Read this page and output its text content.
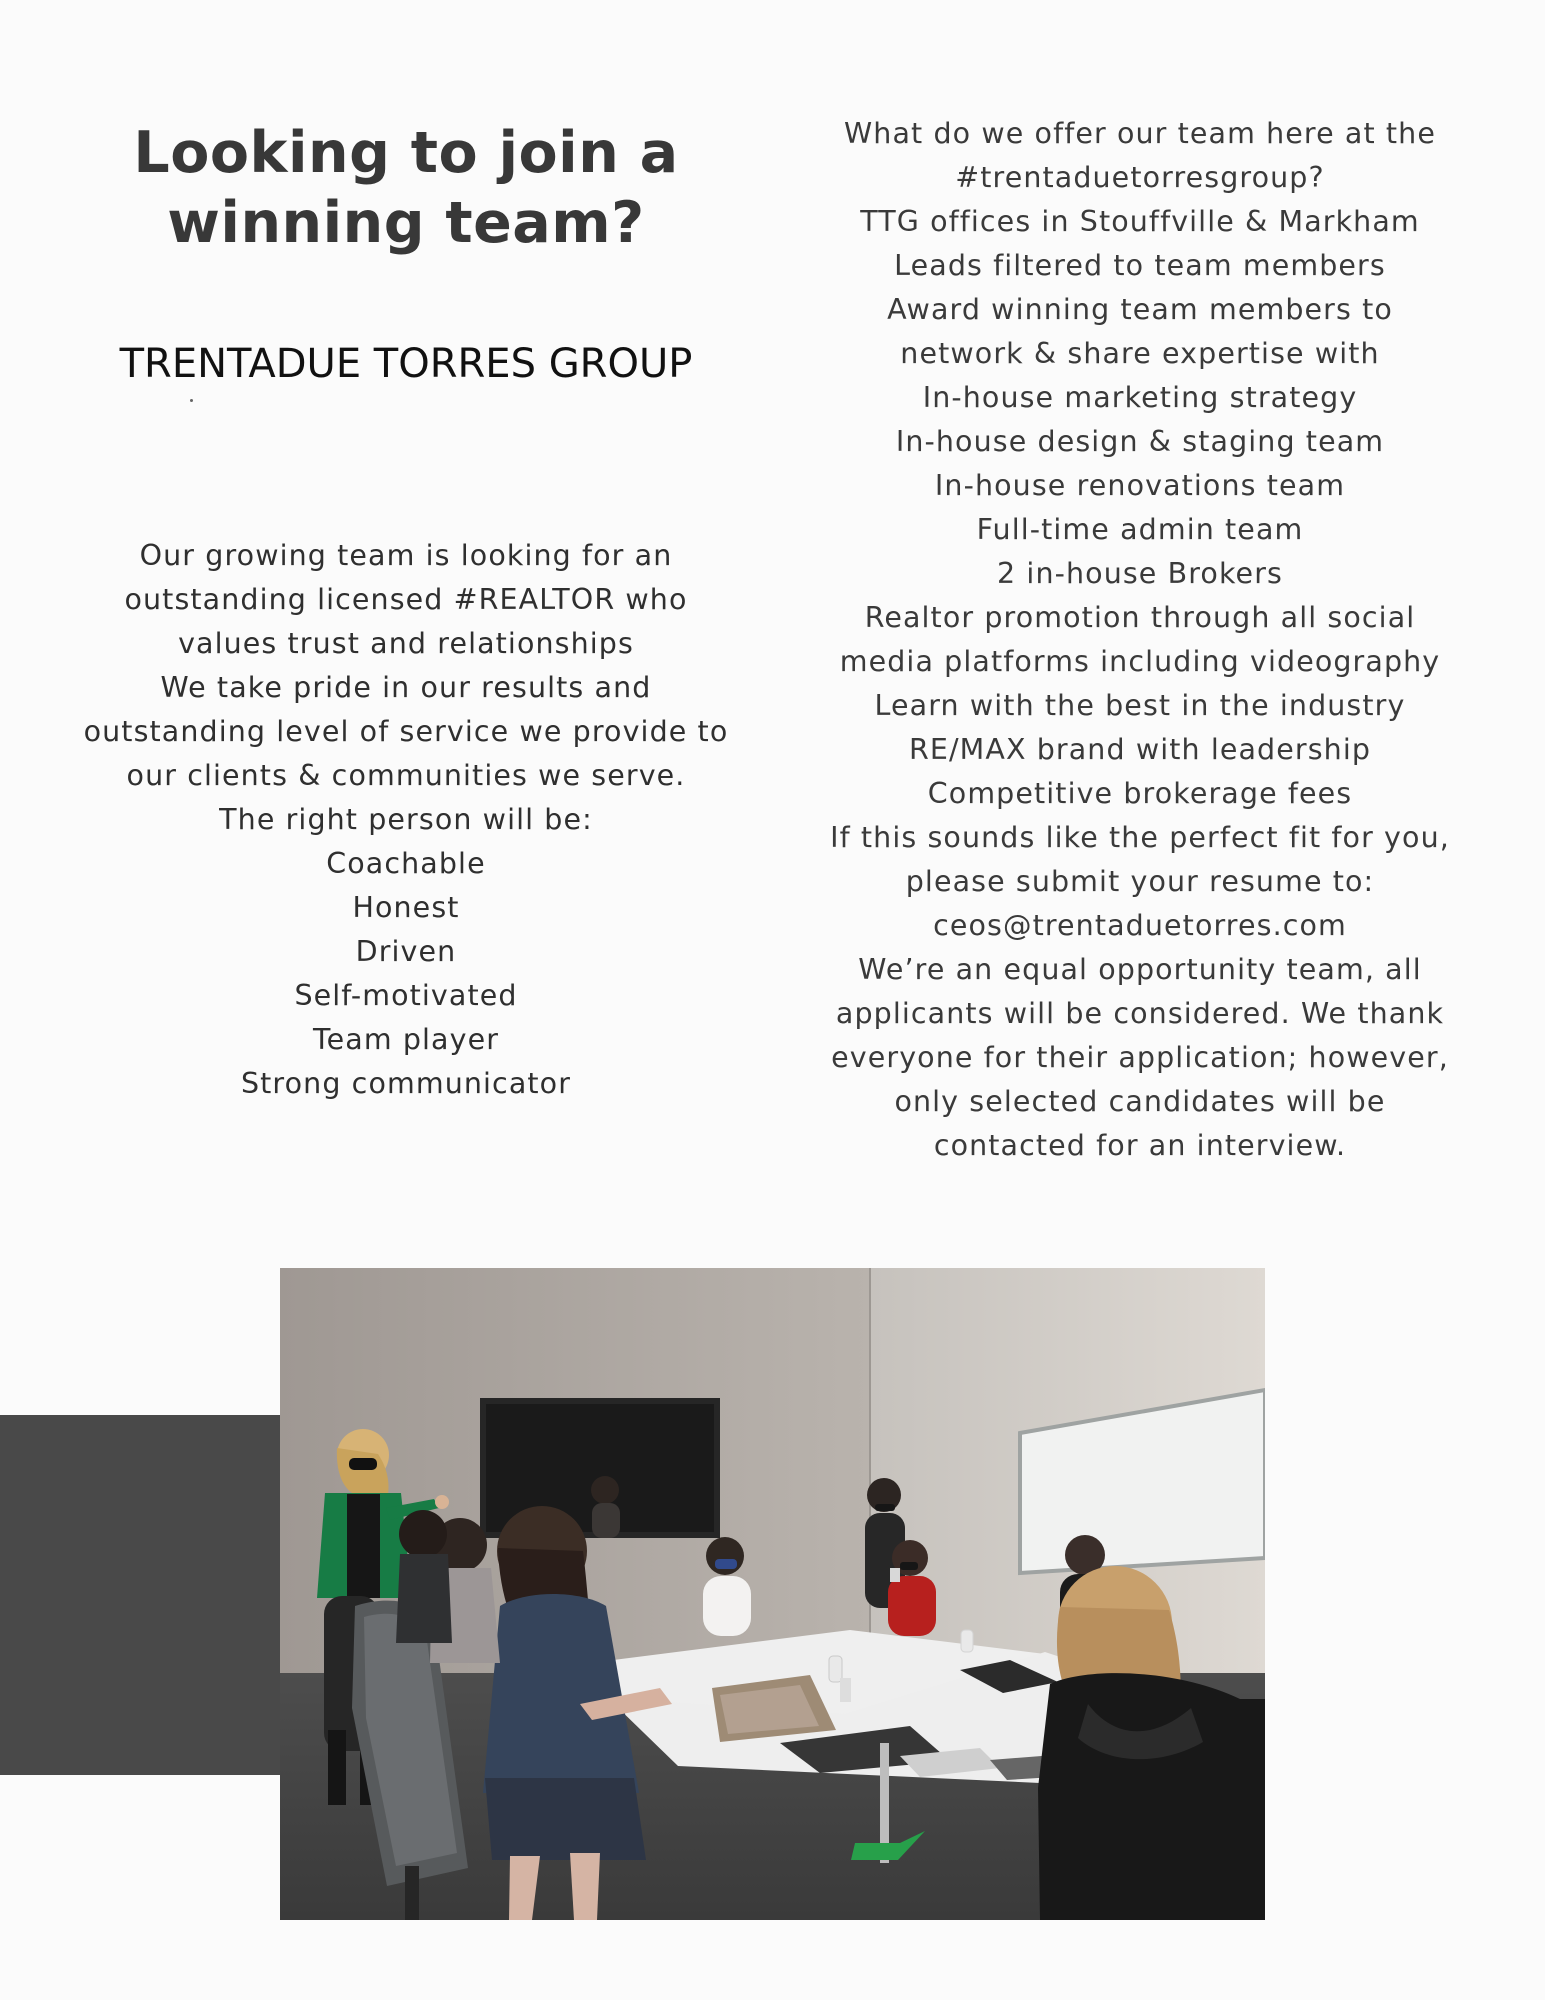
Looking to join a
winning team?
TRENTADUE TORRES GROUP
Our growing team is looking for an
outstanding licensed #REALTOR who
values trust and relationships
We take pride in our results and
outstanding level of service we provide to
our clients & communities we serve.
The right person will be:
Coachable
Honest
Driven
Self-motivated
Team player
Strong communicator
What do we offer our team here at the
#trentaduetorresgroup?
TTG offices in Stouffville & Markham
Leads filtered to team members
Award winning team members to
network & share expertise with
In-house marketing strategy
In-house design & staging team
In-house renovations team
Full-time admin team
2 in-house Brokers
Realtor promotion through all social
media platforms including videography
Learn with the best in the industry
RE/MAX brand with leadership
Competitive brokerage fees
If this sounds like the perfect fit for you,
please submit your resume to:
ceos@trentaduetorres.com
We’re an equal opportunity team, all
applicants will be considered. We thank
everyone for their application; however,
only selected candidates will be
contacted for an interview.
